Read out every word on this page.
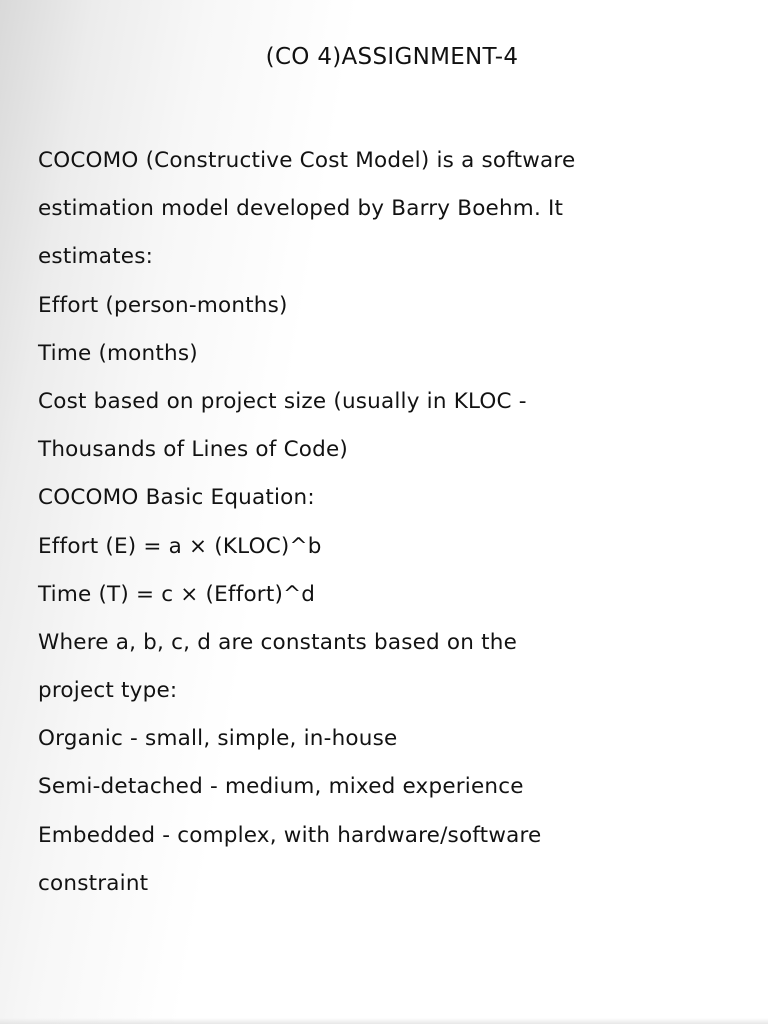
(CO 4)ASSIGNMENT-4
COCOMO (Constructive Cost Model) is a software
estimation model developed by Barry Boehm. It
estimates:
Effort (person-months)
Time (months)
Cost based on project size (usually in KLOC -
Thousands of Lines of Code)
COCOMO Basic Equation:
Effort (E) = a × (KLOC)^b
Time (T) = c × (Effort)^d
Where a, b, c, d are constants based on the
project type:
Organic - small, simple, in-house
Semi-detached - medium, mixed experience
Embedded - complex, with hardware/software
constraint
